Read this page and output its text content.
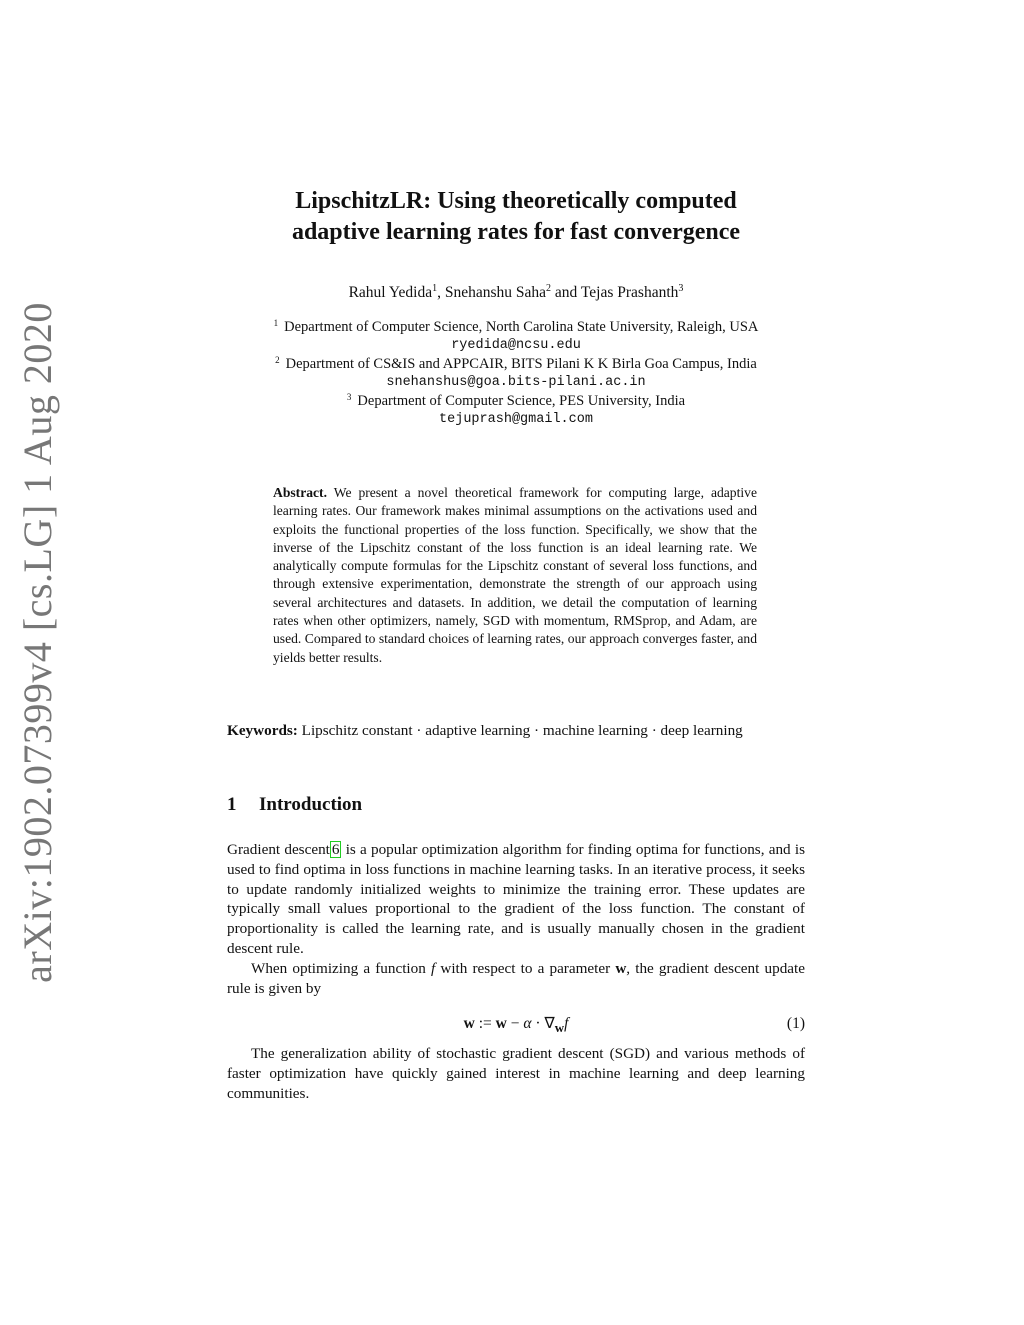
arXiv:1902.07399v4 [cs.LG] 1 Aug 2020
LipschitzLR: Using theoretically computed
adaptive learning rates for fast convergence
Rahul Yedida$^1$, Snehanshu Saha$^2$ and Tejas Prashanth$^3$
$^1$ Department of Computer Science, North Carolina State University, Raleigh, USA
ryedida@ncsu.edu
$^2$ Department of CS&IS and APPCAIR, BITS Pilani K K Birla Goa Campus, India
snehanshus@goa.bits-pilani.ac.in
$^3$ Department of Computer Science, PES University, India
tejuprash@gmail.com
Abstract. We present a novel theoretical framework for computing large, adaptive learning rates. Our framework makes minimal assumptions on the activations used and exploits the functional properties of the loss function. Specifically, we show that the inverse of the Lipschitz constant of the loss function is an ideal learning rate. We analytically compute formulas for the Lipschitz constant of several loss functions, and through extensive experimentation, demonstrate the strength of our approach using several architectures and datasets. In addition, we detail the computation of learning rates when other optimizers, namely, SGD with momentum, RMSprop, and Adam, are used. Compared to standard choices of learning rates, our approach converges faster, and yields better results.
Keywords: Lipschitz constant · adaptive learning · machine learning · deep learning
1 Introduction

Gradient descent 6 is a popular optimization algorithm for finding optima for functions, and is used to find optima in loss functions in machine learning tasks. In an iterative process, it seeks to update randomly initialized weights to minimize the training error. These updates are typically small values proportional to the gradient of the loss function. The constant of proportionality is called the learning rate, and is usually manually chosen in the gradient descent rule.

When optimizing a function f with respect to a parameter w, the gradient descent update rule is given by

w := $w - \alpha \cdot \nabla_wf$	(1)

The generalization ability of stochastic gradient descent (SGD) and various methods of faster optimization have quickly gained interest in machine learning and deep learning communities.
